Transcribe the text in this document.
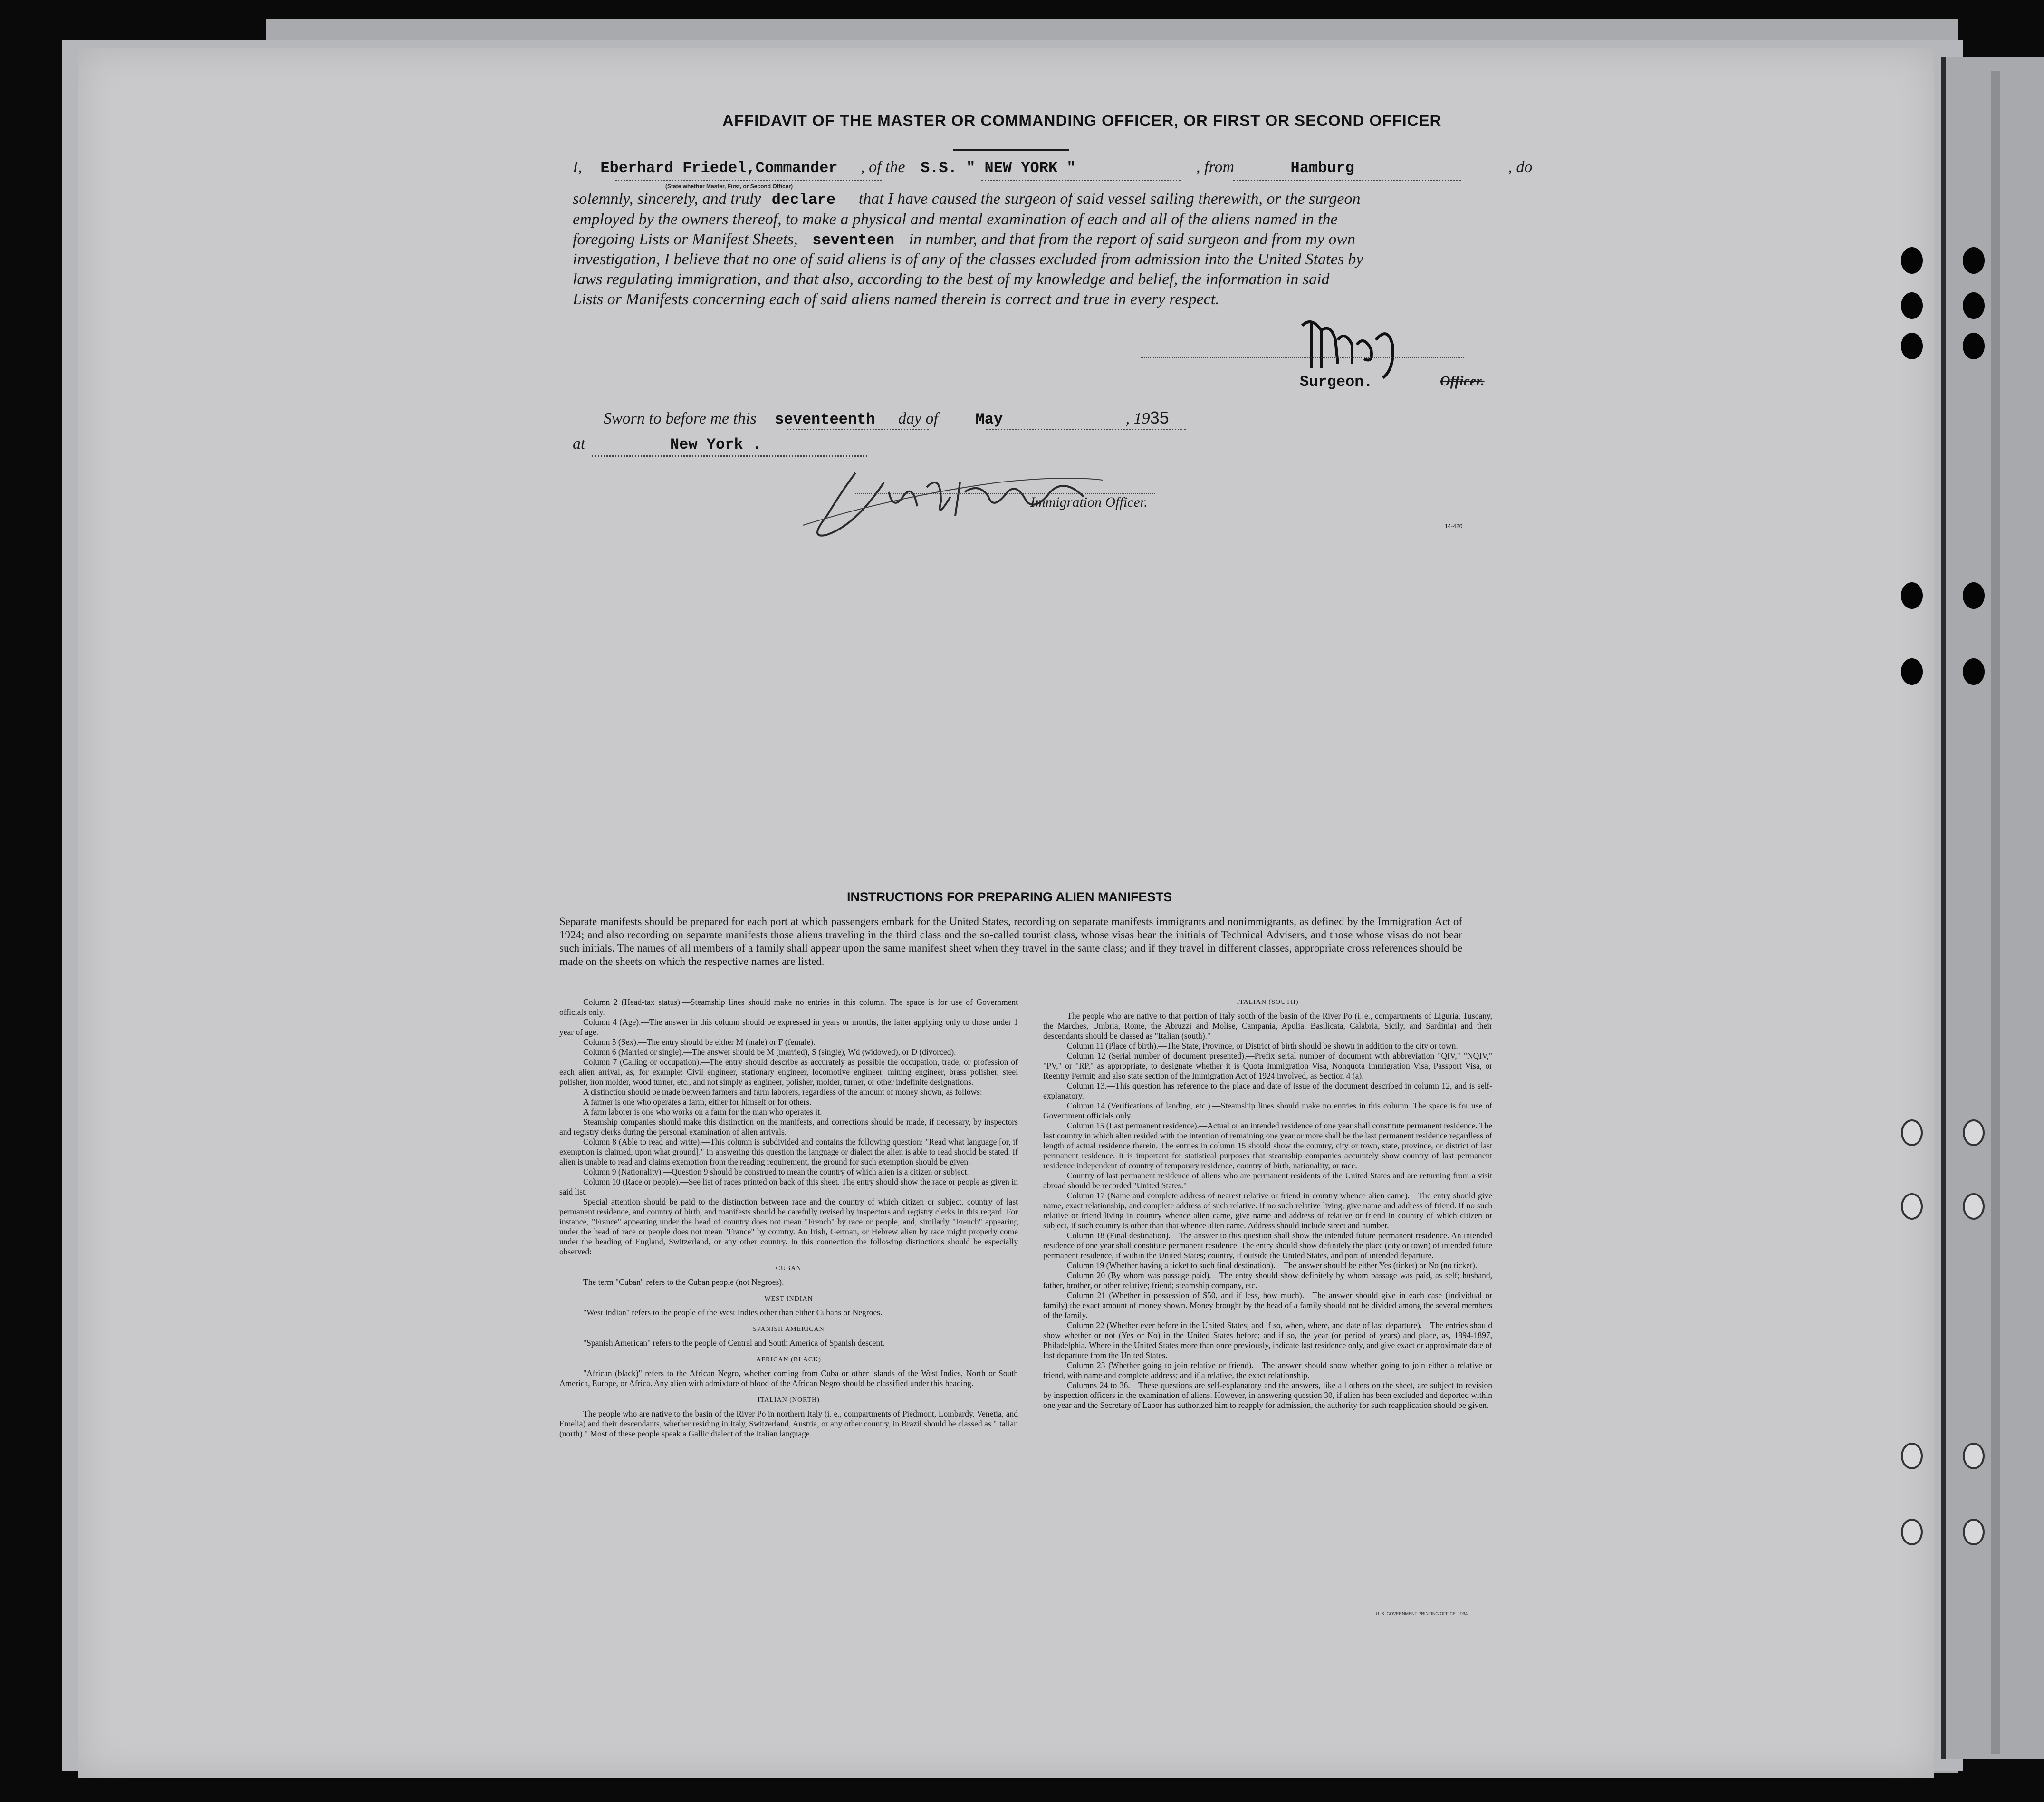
AFFIDAVIT OF THE MASTER OR COMMANDING OFFICER, OR FIRST OR SECOND OFFICER
I, Eberhard Friedel,Commander , of the S.S. " NEW YORK "	, from	Hamburg	, do
(State whether Master, First, or Second Officer)
solemnly, sincerely, and truly declare that I have caused the surgeon of said vessel sailing therewith, or the surgeon
employed by the owners thereof, to make a physical and mental examination of each and all of the aliens named in the
foregoing Lists or Manifest Sheets, seventeen in number, and that from the report of said surgeon and from my own
investigation, I believe that no one of said aliens is of any of the classes excluded from admission into the United States by
laws regulating immigration, and that also, according to the best of my knowledge and belief, the information in said
Lists or Manifests concerning each of said aliens named therein is correct and true in every respect.
Surgeon.	Officer.
Sworn to before me this seventeenth day of May	, 1935
at	New York .
Immigration Officer.
14-420
INSTRUCTIONS FOR PREPARING ALIEN MANIFESTS
Separate manifests should be prepared for each port at which passengers embark for the United States, recording on separate manifests immigrants and nonimmigrants, as defined by the Immigration Act of 1924; and also recording on separate manifests those aliens traveling in the third class and the so-called tourist class, whose visas bear the initials of Technical Advisers, and those whose visas do not bear such initials. The names of all members of a family shall appear upon the same manifest sheet when they travel in the same class; and if they travel in different classes, appropriate cross references should be made on the sheets on which the respective names are listed.

Column 2 (Head-tax status).—Steamship lines should make no entries in this column. The space is for use of Government officials only.

Column 4 (Age).—The answer in this column should be expressed in years or months, the latter applying only to those under 1 year of age.

Column 5 (Sex).—The entry should be either M (male) or F (female).

Column 6 (Married or single).—The answer should be M (married), S (single), Wd (widowed), or D (divorced).

Column 7 (Calling or occupation).—The entry should describe as accurately as possible the occupation, trade, or profession of each alien arrival, as, for example: Civil engineer, stationary engineer, locomotive engineer, mining engineer, brass polisher, steel polisher, iron molder, wood turner, etc., and not simply as engineer, polisher, molder, turner, or other indefinite designations.

A distinction should be made between farmers and farm laborers, regardless of the amount of money shown, as follows:

A farmer is one who operates a farm, either for himself or for others.

A farm laborer is one who works on a farm for the man who operates it.

Steamship companies should make this distinction on the manifests, and corrections should be made, if necessary, by inspectors and registry clerks during the personal examination of alien arrivals.

Column 8 (Able to read and write).—This column is subdivided and contains the following question: "Read what language [or, if exemption is claimed, upon what ground]." In answering this question the language or dialect the alien is able to read should be stated. If alien is unable to read and claims exemption from the reading requirement, the ground for such exemption should be given.

Column 9 (Nationality).—Question 9 should be construed to mean the country of which alien is a citizen or subject.

Column 10 (Race or people).—See list of races printed on back of this sheet. The entry should show the race or people as given in said list.

Special attention should be paid to the distinction between race and the country of which citizen or subject, country of last permanent residence, and country of birth, and manifests should be carefully revised by inspectors and registry clerks in this regard. For instance, "France" appearing under the head of country does not mean "French" by race or people, and, similarly "French" appearing under the head of race or people does not mean "France" by country. An Irish, German, or Hebrew alien by race might properly come under the heading of England, Switzerland, or any other country. In this connection the following distinctions should be especially observed:

CUBAN

The term "Cuban" refers to the Cuban people (not Negroes).

WEST INDIAN

"West Indian" refers to the people of the West Indies other than either Cubans or Negroes.

SPANISH AMERICAN

"Spanish American" refers to the people of Central and South America of Spanish descent.

AFRICAN (BLACK)

"African (black)" refers to the African Negro, whether coming from Cuba or other islands of the West Indies, North or South America, Europe, or Africa. Any alien with admixture of blood of the African Negro should be classified under this heading.

ITALIAN (NORTH)

The people who are native to the basin of the River Po in northern Italy (i. e., compartments of Piedmont, Lombardy, Venetia, and Emelia) and their descendants, whether residing in Italy, Switzerland, Austria, or any other country, in Brazil should be classed as "Italian (north)." Most of these people speak a Gallic dialect of the Italian language.

ITALIAN (SOUTH)

The people who are native to that portion of Italy south of the basin of the River Po (i. e., compartments of Liguria, Tuscany, the Marches, Umbria, Rome, the Abruzzi and Molise, Campania, Apulia, Basilicata, Calabria, Sicily, and Sardinia) and their descendants should be classed as "Italian (south)."

Column 11 (Place of birth).—The State, Province, or District of birth should be shown in addition to the city or town.

Column 12 (Serial number of document presented).—Prefix serial number of document with abbreviation "QIV," "NQIV," "PV," or "RP," as appropriate, to designate whether it is Quota Immigration Visa, Nonquota Immigration Visa, Passport Visa, or Reentry Permit; and also state section of the Immigration Act of 1924 involved, as Section 4 (a).

Column 13.—This question has reference to the place and date of issue of the document described in column 12, and is self-explanatory.

Column 14 (Verifications of landing, etc.).—Steamship lines should make no entries in this column. The space is for use of Government officials only.

Column 15 (Last permanent residence).—Actual or an intended residence of one year shall constitute permanent residence. The last country in which alien resided with the intention of remaining one year or more shall be the last permanent residence regardless of length of actual residence therein. The entries in column 15 should show the country, city or town, state, province, or district of last permanent residence. It is important for statistical purposes that steamship companies accurately show country of last permanent residence independent of country of temporary residence, country of birth, nationality, or race.

Country of last permanent residence of aliens who are permanent residents of the United States and are returning from a visit abroad should be recorded "United States."

Column 17 (Name and complete address of nearest relative or friend in country whence alien came).—The entry should give name, exact relationship, and complete address of such relative. If no such relative living, give name and address of friend. If no such relative or friend living in country whence alien came, give name and address of relative or friend in country of which citizen or subject, if such country is other than that whence alien came. Address should include street and number.

Column 18 (Final destination).—The answer to this question shall show the intended future permanent residence. An intended residence of one year shall constitute permanent residence. The entry should show definitely the place (city or town) of intended future permanent residence, if within the United States; country, if outside the United States, and port of intended departure.

Column 19 (Whether having a ticket to such final destination).—The answer should be either Yes (ticket) or No (no ticket).

Column 20 (By whom was passage paid).—The entry should show definitely by whom passage was paid, as self; husband, father, brother, or other relative; friend; steamship company, etc.

Column 21 (Whether in possession of $50, and if less, how much).—The answer should give in each case (individual or family) the exact amount of money shown. Money brought by the head of a family should not be divided among the several members of the family.

Column 22 (Whether ever before in the United States; and if so, when, where, and date of last departure).—The entries should show whether or not (Yes or No) in the United States before; and if so, the year (or period of years) and place, as, 1894-1897, Philadelphia. Where in the United States more than once previously, indicate last residence only, and give exact or approximate date of last departure from the United States.

Column 23 (Whether going to join relative or friend).—The answer should show whether going to join either a relative or friend, with name and complete address; and if a relative, the exact relationship.

Columns 24 to 36.—These questions are self-explanatory and the answers, like all others on the sheet, are subject to revision by inspection officers in the examination of aliens. However, in answering question 30, if alien has been excluded and deported within one year and the Secretary of Labor has authorized him to reapply for admission, the authority for such reapplication should be given.

U. S. GOVERNMENT PRINTING OFFICE: 1934
